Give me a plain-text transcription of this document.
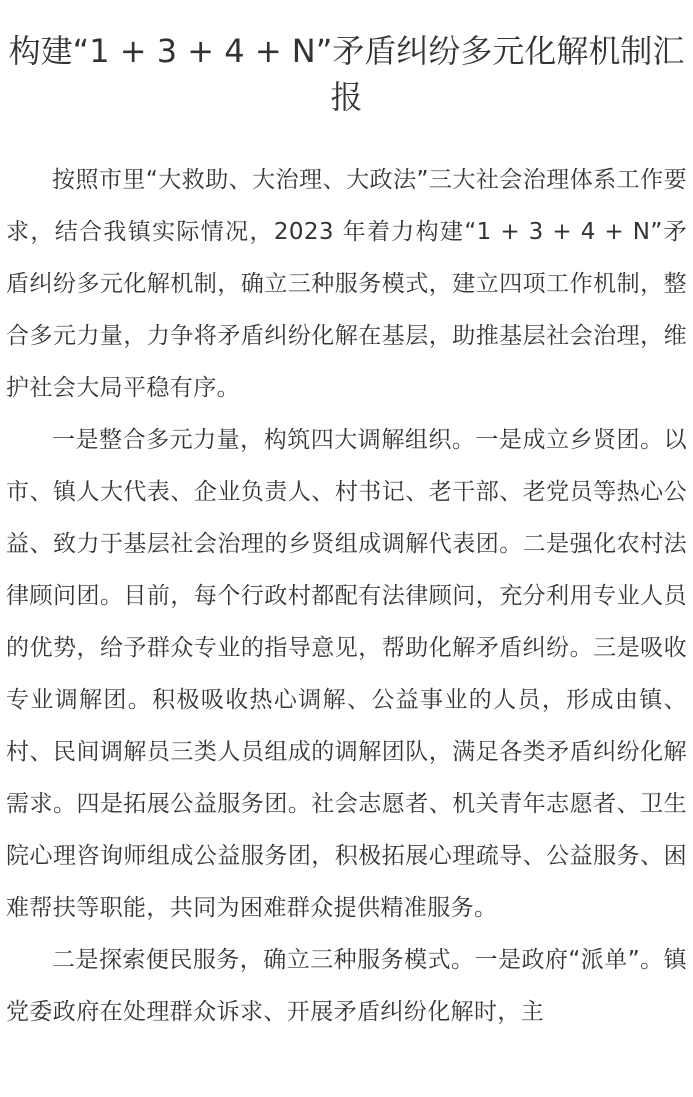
构建“1 + 3 + 4 + N”矛盾纠纷多元化解机制汇报

按照市里“大救助、大治理、大政法”三大社会治理体系工作要求，结合我镇实际情况，2023 年着力构建“1 + 3 + 4 + N”矛盾纠纷多元化解机制，确立三种服务模式，建立四项工作机制，整合多元力量，力争将矛盾纠纷化解在基层，助推基层社会治理，维护社会大局平稳有序。

一是整合多元力量，构筑四大调解组织。一是成立乡贤团。以市、镇人大代表、企业负责人、村书记、老干部、老党员等热心公益、致力于基层社会治理的乡贤组成调解代表团。二是强化农村法律顾问团。目前，每个行政村都配有法律顾问，充分利用专业人员的优势，给予群众专业的指导意见，帮助化解矛盾纠纷。三是吸收专业调解团。积极吸收热心调解、公益事业的人员，形成由镇、村、民间调解员三类人员组成的调解团队，满足各类矛盾纠纷化解需求。四是拓展公益服务团。社会志愿者、机关青年志愿者、卫生院心理咨询师组成公益服务团，积极拓展心理疏导、公益服务、困难帮扶等职能，共同为困难群众提供精准服务。

二是探索便民服务，确立三种服务模式。一是政府“派单”。镇党委政府在处理群众诉求、开展矛盾纠纷化解时，主
